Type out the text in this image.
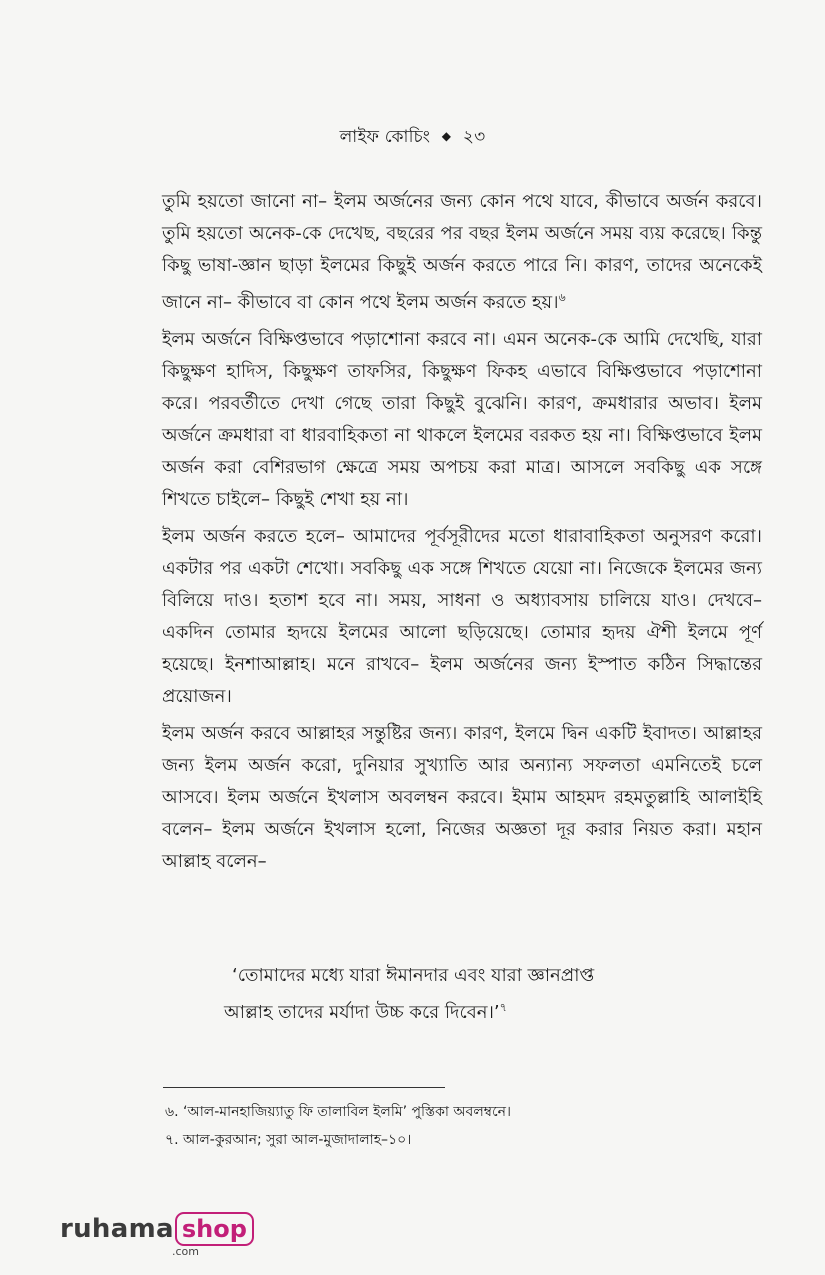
লাইফ কোচিং ◆ ২৩

তুমি হয়তো জানো না– ইলম অর্জনের জন্য কোন পথে যাবে, কীভাবে অর্জন করবে। তুমি হয়তো অনেক-কে দেখেছ, বছরের পর বছর ইলম অর্জনে সময় ব্যয় করেছে। কিন্তু কিছু ভাষা-জ্ঞান ছাড়া ইলমের কিছুই অর্জন করতে পারে নি। কারণ, তাদের অনেকেই জানে না– কীভাবে বা কোন পথে ইলম অর্জন করতে হয়।$^৬$

ইলম অর্জনে বিক্ষিপ্তভাবে পড়াশোনা করবে না। এমন অনেক-কে আমি দেখেছি, যারা কিছুক্ষণ হাদিস, কিছুক্ষণ তাফসির, কিছুক্ষণ ফিকহ এভাবে বিক্ষিপ্তভাবে পড়াশোনা করে। পরবর্তীতে দেখা গেছে তারা কিছুই বুঝেনি। কারণ, ক্রমধারার অভাব। ইলম অর্জনে ক্রমধারা বা ধারবাহিকতা না থাকলে ইলমের বরকত হয় না। বিক্ষিপ্তভাবে ইলম অর্জন করা বেশিরভাগ ক্ষেত্রে সময় অপচয় করা মাত্র। আসলে সবকিছু এক সঙ্গে শিখতে চাইলে– কিছুই শেখা হয় না।

ইলম অর্জন করতে হলে– আমাদের পূর্বসূরীদের মতো ধারাবাহিকতা অনুসরণ করো। একটার পর একটা শেখো। সবকিছু এক সঙ্গে শিখতে যেয়ো না। নিজেকে ইলমের জন্য বিলিয়ে দাও। হতাশ হবে না। সময়, সাধনা ও অধ্যাবসায় চালিয়ে যাও। দেখবে– একদিন তোমার হৃদয়ে ইলমের আলো ছড়িয়েছে। তোমার হৃদয় ঐশী ইলমে পূর্ণ হয়েছে। ইনশাআল্লাহ। মনে রাখবে– ইলম অর্জনের জন্য ইস্পাত কঠিন সিদ্ধান্তের প্রয়োজন।

ইলম অর্জন করবে আল্লাহর সন্তুষ্টির জন্য। কারণ, ইলমে দ্বিন একটি ইবাদত। আল্লাহর জন্য ইলম অর্জন করো, দুনিয়ার সুখ্যাতি আর অন্যান্য সফলতা এমনিতেই চলে আসবে। ইলম অর্জনে ইখলাস অবলম্বন করবে। ইমাম আহমদ রহমতুল্লাহি আলাইহি বলেন– ইলম অর্জনে ইখলাস হলো, নিজের অজ্ঞতা দূর করার নিয়ত করা। মহান আল্লাহ বলেন–

‘তোমাদের মধ্যে যারা ঈমানদার এবং যারা জ্ঞানপ্রাপ্ত
আল্লাহ তাদের মর্যাদা উচ্চ করে দিবেন।’$^৭$
৬. ‘আল-মানহাজিয়্যাতু ফি তালাবিল ইলমি’ পুস্তিকা অবলম্বনে।
৭. আল-কুরআন; সুরা আল-মুজাদালাহ–১০।
ruhama shop
.com
